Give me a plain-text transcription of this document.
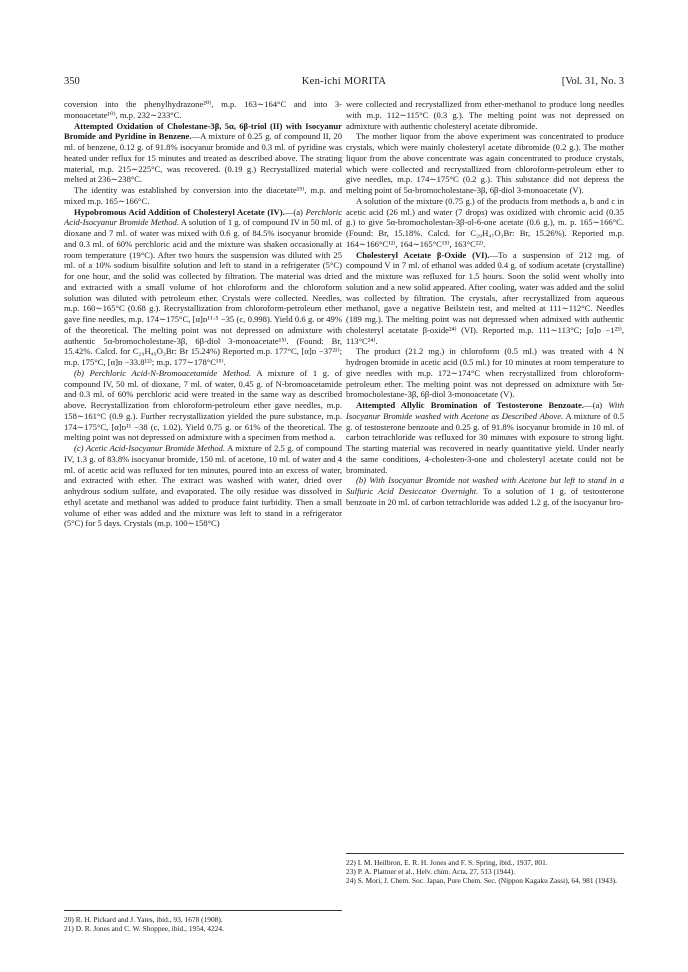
350	Ken-ichi MORITA	[Vol. 31, No. 3

coversion into the phenylhydrazone²⁰⁾, m.p. 163∼164°C and into 3-monoacetate¹⁰⁾, m.p. 232∼233°C.

Attempted Oxidation of Cholestane-3β, 5α, 6β-triol (II) with Isocyanur Bromide and Pyridine in Benzene.—A mixture of 0.25 g. of compound II, 20 ml. of benzene, 0.12 g. of 91.8% isocyanur bromide and 0.3 ml. of pyridine was heated under reflux for 15 minutes and treated as described above. The strating material, m.p. 215∼225°C, was recovered. (0.19 g.) Recrystallized material melted at 236∼238°C.

The identity was established by conversion into the diacetate¹⁹⁾, m.p. and mixed m.p. 165∼166°C.

Hypobromous Acid Addition of Cholesteryl Acetate (IV).—(a) Perchloric Acid-Isocyanur Bromide Method. A solution of 1 g. of compound IV in 50 ml. of dioxane and 7 ml. of water was mixed with 0.6 g. of 84.5% isocyanur bromide and 0.3 ml. of 60% perchloric acid and the mixture was shaken occasionally at room temperature (19°C). After two hours the suspension was diluted with 25 ml. of a 10% sodium bisulfite solution and left to stand in a refrigerater (5°C) for one hour, and the solid was collected by filtration. The material was dried and extracted with a small volume of hot chloroform and the chloroform solution was diluted with petroleum ether. Crystals were collected. Needles, m.p. 160∼165°C (0.68 g.). Recrystallization from chloroform-petroleum ether gave fine needles, m.p. 174∼175°C, [α]ᴅ¹¹·⁵ −35 (c, 0.998). Yield 0.6 g. or 49% of the theoretical. The melting point was not depressed on admixture with authentic 5α-bromocholestane-3β, 6β-diol 3-monoacetate¹⁵⁾. (Found: Br, 15.42%. Calcd. for C₂₉H₄₉O₃Br: Br 15.24%) Reported m.p. 177°C, [α]ᴅ −37²¹⁾; m.p. 175°C, [α]ᴅ −33.8¹²⁾; m.p. 177∼178°C¹⁵⁾.

(b) Perchloric Acid-N-Bromoacetamide Method. A mixture of 1 g. of compound IV, 50 ml. of dioxane, 7 ml. of water, 0.45 g. of N-bromoacetamide and 0.3 ml. of 60% perchloric acid were treated in the same way as described above. Recrystallization from chloroform-petroleum ether gave needles, m.p. 158∼161°C (0.9 g.). Further recrystallization yielded the pure substance, m.p. 174∼175°C, [α]ᴅ¹¹ −38 (c, 1.02). Yield 0.75 g. or 61% of the theoretical. The melting point was not depressed on admixture with a specimen from method a.

(c) Acetic Acid-Isocyanur Bromide Method. A mixture of 2.5 g. of compound IV, 1.3 g. of 83.8% isocyanur bromide, 150 ml. of acetone, 10 ml. of water and 4 ml. of acetic acid was refluxed for ten minutes, poured into an excess of water, and extracted with ether. The extract was washed with water, dried over anhydrous sodium sulfate, and evaporated. The oily residue was dissolved in ethyl acetate and methanol was added to produce faint turbidity. Then a small volume of ether was added and the mixture was left to stand in a refrigerator (5°C) for 5 days. Crystals (m.p. 100∼158°C)

were collected and recrystallized from ether-methanol to produce long needles with m.p. 112∼115°C (0.3 g.). The melting point was not depressed on admixture with authentic cholesteryl acetate dibromide.

The mother liquor from the above experiment was concentrated to produce crystals, which were mainly cholesteryl acetate dibromide (0.2 g.). The mother liquor from the above concentrate was again concentrated to produce crystals, which were collected and recrystallized from chloroform-petroleum ether to give needles, m.p. 174∼175°C (0.2 g.). This substance did not depress the melting point of 5α-bromocholestane-3β, 6β-diol 3-monoacetate (V).

A solution of the mixture (0.75 g.) of the products from methods a, b and c in acetic acid (26 ml.) and water (7 drops) was oxidized with chromic acid (0.35 g.) to give 5α-bromocholestan-3β-ol-6-one acetate (0.6 g.), m. p. 165∼166°C. (Found: Br, 15.18%. Calcd. for C₂₉H₄₇O₃Br: Br, 15.26%). Reported m.p. 164∼166°C¹²⁾, 164∼165°C¹⁵⁾, 163°C²²⁾.

Cholesteryl Acetate β-Oxide (VI).—To a suspension of 212 mg. of compound V in 7 ml. of ethanol was added 0.4 g. of sodium acetate (crystalline) and the mixture was refluxed for 1.5 hours. Soon the solid went wholly into solution and a new solid appeared. After cooling, water was added and the solid was collected by filtration. The crystals, after recrystallized from aqueous methanol, gave a negative Beilstein test, and melted at 111∼112°C. Needles (189 mg.). The melting point was not depressed when admixed with authentic cholesteryl acetatate β-oxide²⁴⁾ (VI). Reported m.p. 111∼113°C; [α]ᴅ −1²³⁾, 113°C²⁴⁾.

The product (21.2 mg.) in chloroform (0.5 ml.) was treated with 4 N hydrogen bromide in acetic acid (0.5 ml.) for 10 minutes at room temperature to give needles with m.p. 172∼174°C when recrystallized from chloroform-petroleum ether. The melting point was not depressed on admixture with 5α-bromocholestane-3β, 6β-diol 3-monoacetate (V).

Attempted Allylic Bromination of Testosterone Benzoate.—(a) With Isocyanur Bromide washed with Acetone as Described Above. A mixture of 0.5 g. of testosterone benzoate and 0.25 g. of 91.8% isocyanur bromide in 10 ml. of carbon tetrachloride was refluxed for 30 minutes with exposure to strong light. The starting material was recovered in nearly quantitative yield. Under nearly the same conditions, 4-cholesten-3-one and cholesteryl acetate could not be brominated.

(b) With Isocyanur Bromide not washed with Acetone but left to stand in a Sulfuric Acid Desiccator Overnight. To a solution of 1 g. of testosterone benzoate in 20 ml. of carbon tetrachloride was added 1.2 g. of the isocyanur bro-

20) R. H. Pickard and J. Yates, ibid., 93, 1678 (1908).
21) D. R. Jones and C. W. Shoppee, ibid., 1954, 4224.
22) I. M. Heilbron, E. R. H. Jones and F. S. Spring, ibid., 1937, 801.
23) P. A. Plattner et al., Helv. chim. Acta, 27, 513 (1944).
24) S. Mori, J. Chem. Soc. Japan, Pure Chem. Sec. (Nippon Kagaku Zassi), 64, 981 (1943).
